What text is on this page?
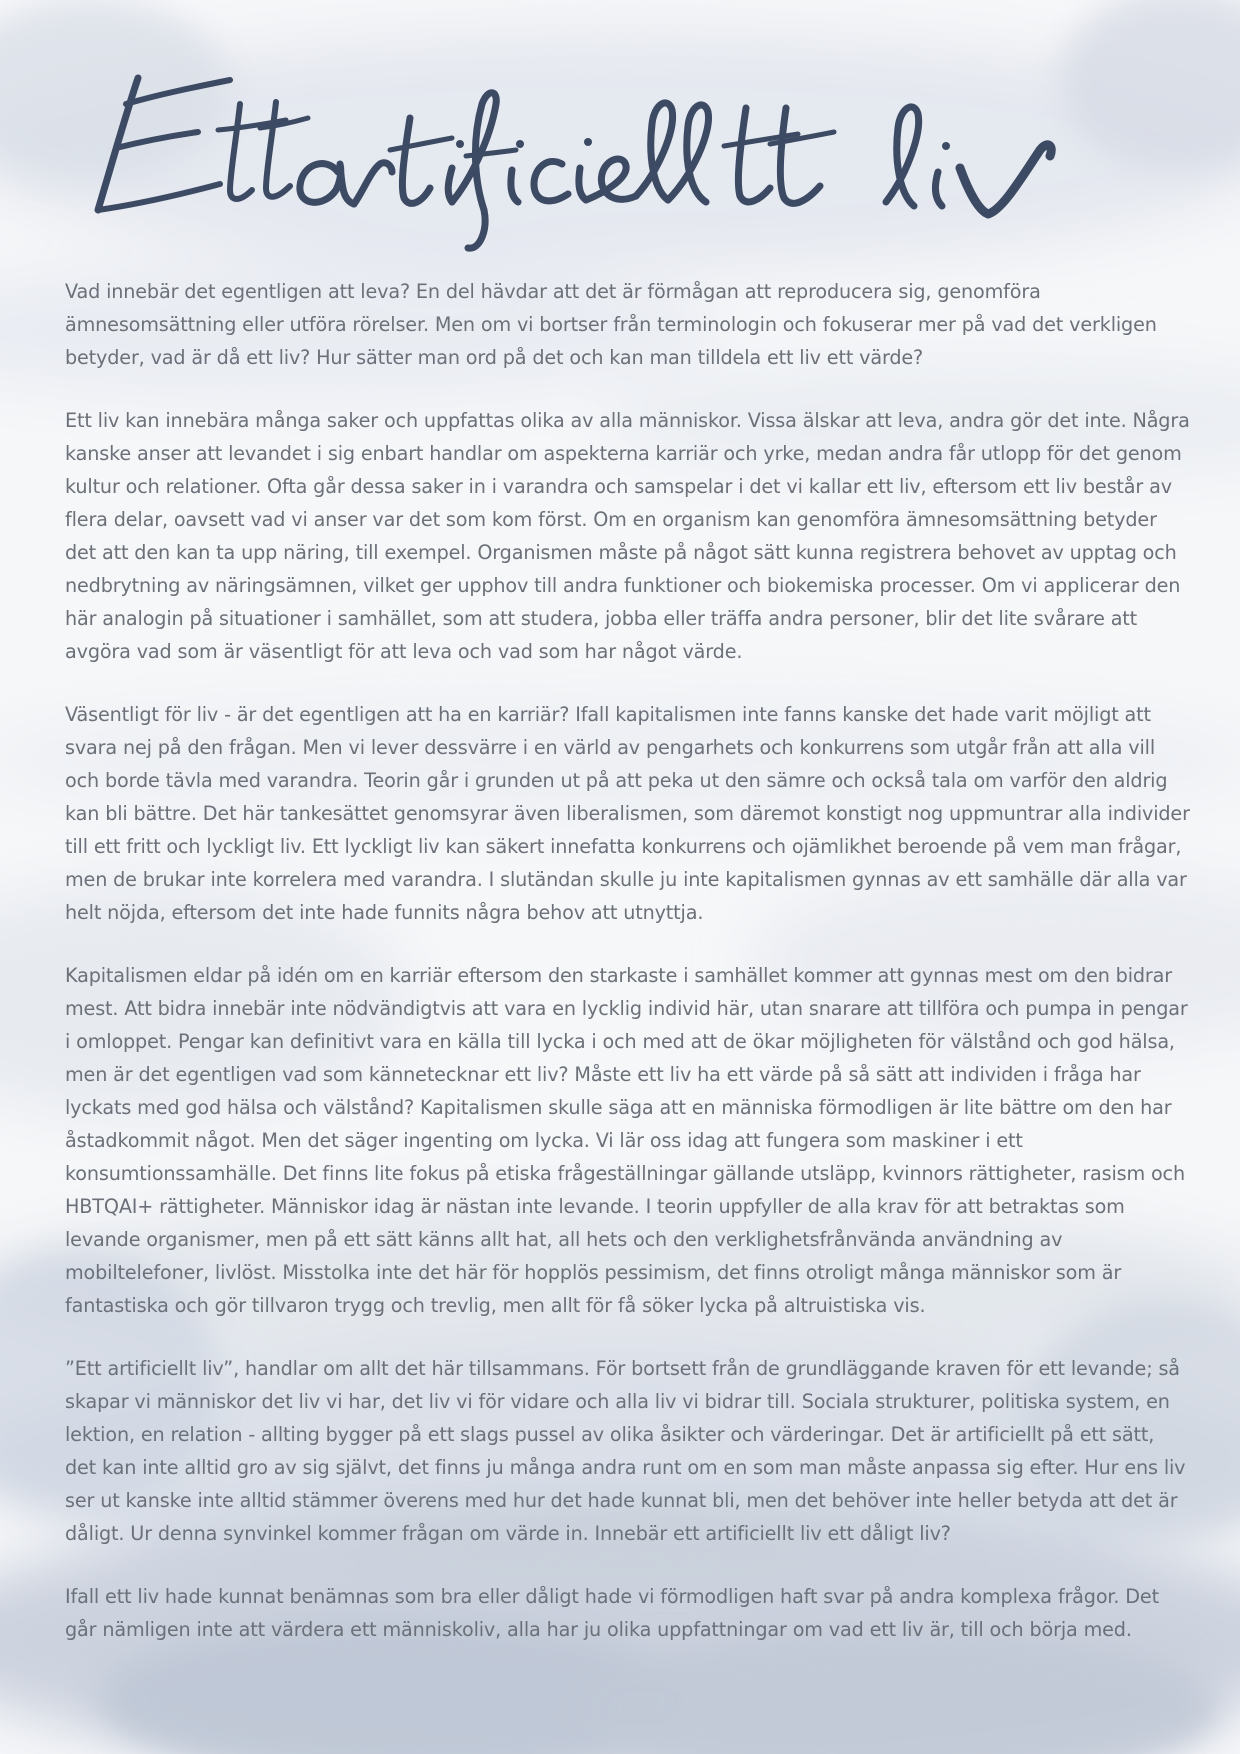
Vad innebär det egentligen att leva? En del hävdar att det är förmågan att reproducera sig, genomföra ämnesomsättning eller utföra rörelser. Men om vi bortser från terminologin och fokuserar mer på vad det verkligen betyder, vad är då ett liv? Hur sätter man ord på det och kan man tilldela ett liv ett värde?

Ett liv kan innebära många saker och uppfattas olika av alla människor. Vissa älskar att leva, andra gör det inte. Några kanske anser att levandet i sig enbart handlar om aspekterna karriär och yrke, medan andra får utlopp för det genom kultur och relationer. Ofta går dessa saker in i varandra och samspelar i det vi kallar ett liv, eftersom ett liv består av flera delar, oavsett vad vi anser var det som kom först. Om en organism kan genomföra ämnesomsättning betyder det att den kan ta upp näring, till exempel. Organismen måste på något sätt kunna registrera behovet av upptag och nedbrytning av näringsämnen, vilket ger upphov till andra funktioner och biokemiska processer. Om vi applicerar den här analogin på situationer i samhället, som att studera, jobba eller träffa andra personer, blir det lite svårare att avgöra vad som är väsentligt för att leva och vad som har något värde.

Väsentligt för liv - är det egentligen att ha en karriär? Ifall kapitalismen inte fanns kanske det hade varit möjligt att svara nej på den frågan. Men vi lever dessvärre i en värld av pengarhets och konkurrens som utgår från att alla vill och borde tävla med varandra. Teorin går i grunden ut på att peka ut den sämre och också tala om varför den aldrig kan bli bättre. Det här tankesättet genomsyrar även liberalismen, som däremot konstigt nog uppmuntrar alla individer till ett fritt och lyckligt liv. Ett lyckligt liv kan säkert innefatta konkurrens och ojämlikhet beroende på vem man frågar, men de brukar inte korrelera med varandra. I slutändan skulle ju inte kapitalismen gynnas av ett samhälle där alla var helt nöjda, eftersom det inte hade funnits några behov att utnyttja.

Kapitalismen eldar på idén om en karriär eftersom den starkaste i samhället kommer att gynnas mest om den bidrar mest. Att bidra innebär inte nödvändigtvis att vara en lycklig individ här, utan snarare att tillföra och pumpa in pengar i omloppet. Pengar kan definitivt vara en källa till lycka i och med att de ökar möjligheten för välstånd och god hälsa, men är det egentligen vad som kännetecknar ett liv? Måste ett liv ha ett värde på så sätt att individen i fråga har lyckats med god hälsa och välstånd? Kapitalismen skulle säga att en människa förmodligen är lite bättre om den har åstadkommit något. Men det säger ingenting om lycka. Vi lär oss idag att fungera som maskiner i ett konsumtionssamhälle. Det finns lite fokus på etiska frågeställningar gällande utsläpp, kvinnors rättigheter, rasism och HBTQAI+ rättigheter. Människor idag är nästan inte levande. I teorin uppfyller de alla krav för att betraktas som levande organismer, men på ett sätt känns allt hat, all hets och den verklighetsfrånvända användning av mobiltelefoner, livlöst. Misstolka inte det här för hopplös pessimism, det finns otroligt många människor som är fantastiska och gör tillvaron trygg och trevlig, men allt för få söker lycka på altruistiska vis.

”Ett artificiellt liv”, handlar om allt det här tillsammans. För bortsett från de grundläggande kraven för ett levande; så skapar vi människor det liv vi har, det liv vi för vidare och alla liv vi bidrar till. Sociala strukturer, politiska system, en lektion, en relation - allting bygger på ett slags pussel av olika åsikter och värderingar. Det är artificiellt på ett sätt, det kan inte alltid gro av sig självt, det finns ju många andra runt om en som man måste anpassa sig efter. Hur ens liv ser ut kanske inte alltid stämmer överens med hur det hade kunnat bli, men det behöver inte heller betyda att det är dåligt. Ur denna synvinkel kommer frågan om värde in. Innebär ett artificiellt liv ett dåligt liv?

Ifall ett liv hade kunnat benämnas som bra eller dåligt hade vi förmodligen haft svar på andra komplexa frågor. Det går nämligen inte att värdera ett människoliv, alla har ju olika uppfattningar om vad ett liv är, till och börja med.
